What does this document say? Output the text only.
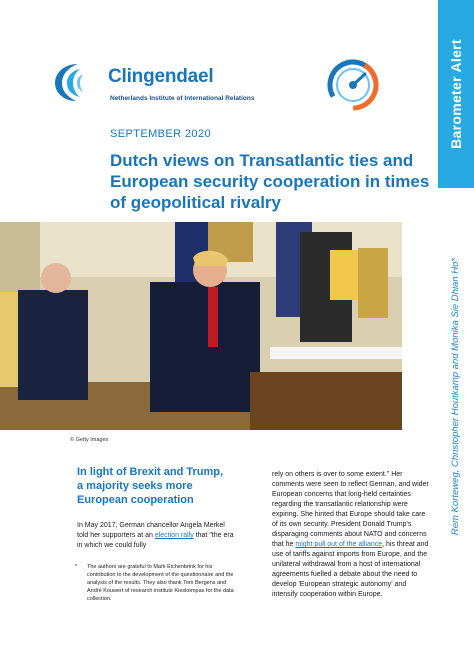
Barometer Alert
Rem Korteweg, Christopher Houtkamp and Monika Sie Dhian Ho*
Clingendael
Netherlands Institute of International Relations
SEPTEMBER 2020
Dutch views on Transatlantic ties and European security cooperation in times of geopolitical rivalry
© Getty Images
In light of Brexit and Trump, a majority seeks more European cooperation
In May 2017, German chancellor Angela Merkel told her supporters at an election rally that "the era in which we could fully
*	The authors are grateful to Mark Eichenbrink for his contribution to the development of the questionnaire and the analysis of the results. They also thank Tom Bergens and André Kouwert of research institute Kieskompas for the data collection.

rely on others is over to some extent." Her comments were seen to reflect German, and wider European concerns that long-held certainties regarding the transatlantic relationship were expiring. She hinted that Europe should take care of its own security. President Donald Trump's disparaging comments about NATO and concerns that he might pull out of the alliance, his threat and use of tariffs against imports from Europe, and the unilateral withdrawal from a host of international agreements fuelled a debate about the need to develop 'European strategic autonomy' and intensify cooperation within Europe.
